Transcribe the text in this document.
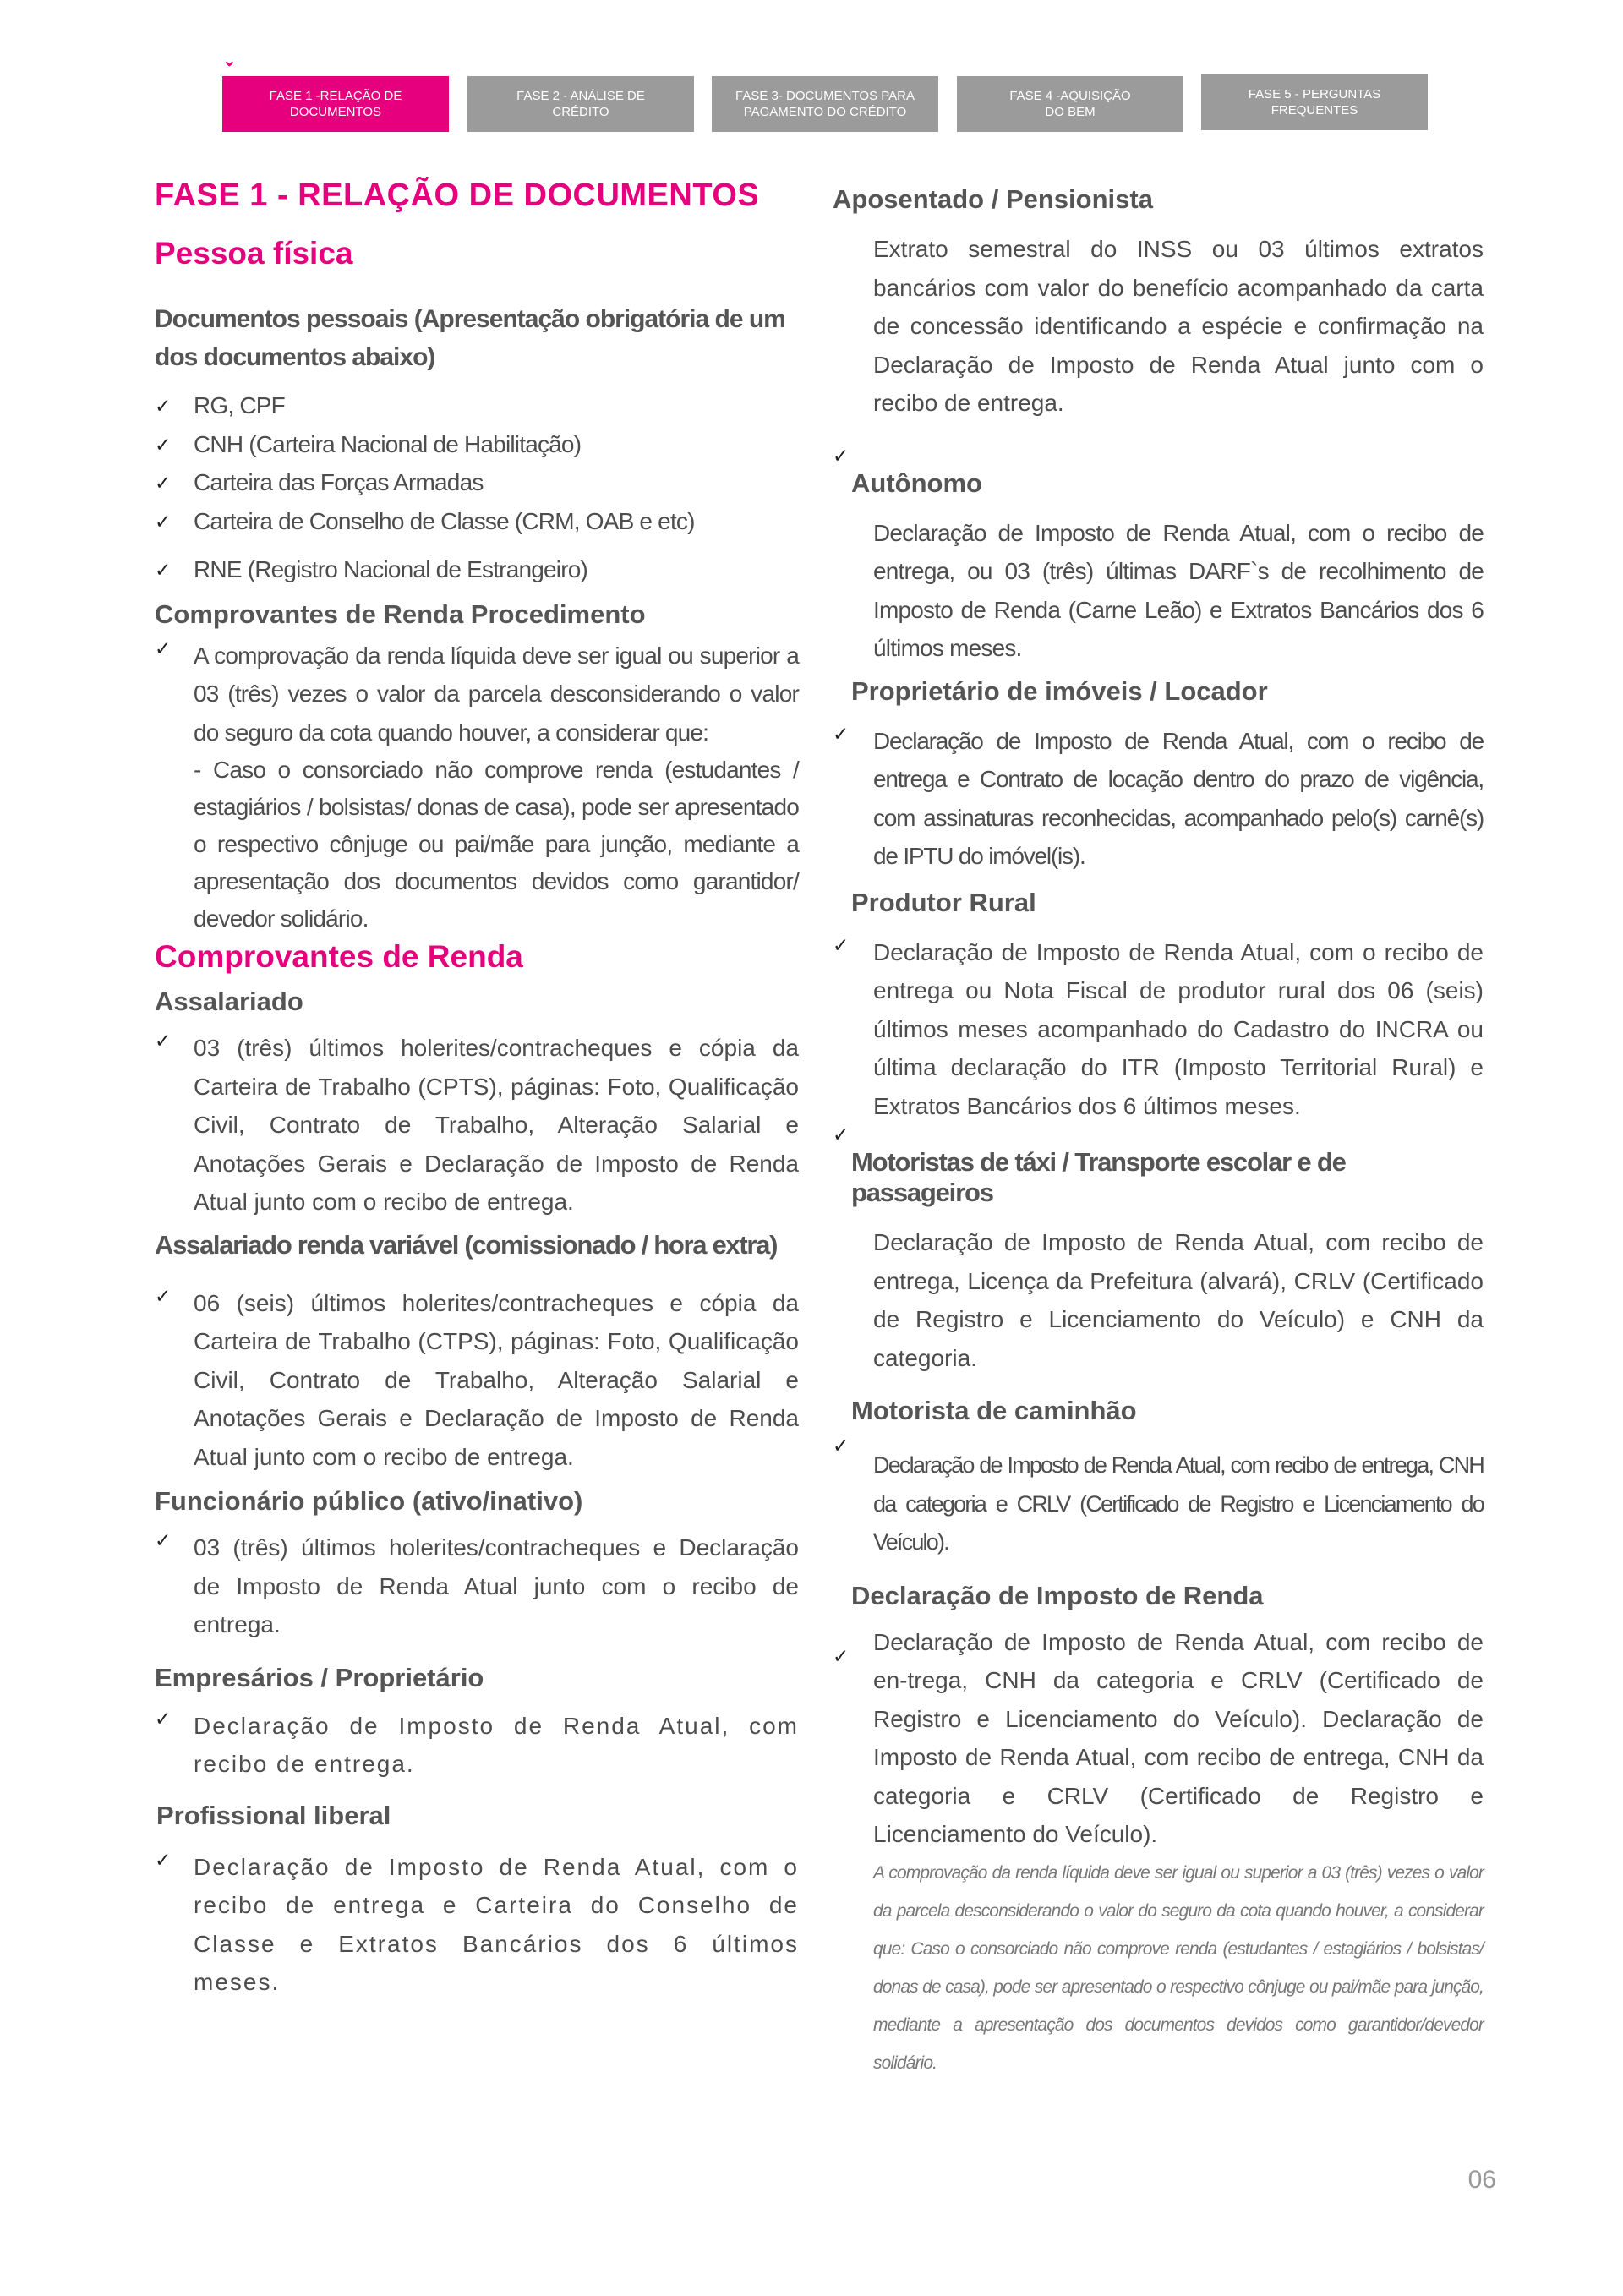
⌄
FASE 1 -RELAÇÃO DE
DOCUMENTOS
FASE 2 - ANÁLISE DE
CRÉDITO
FASE 3- DOCUMENTOS PARA
PAGAMENTO DO CRÉDITO
FASE 4 -AQUISIÇÃO
DO BEM
FASE 5 - PERGUNTAS
FREQUENTES
FASE 1 - RELAÇÃO DE DOCUMENTOS
Pessoa física

Documentos pessoais (Apresentação obrigatória de um dos documentos abaixo)

✓ RG, CPF
✓ CNH (Carteira Nacional de Habilitação)
✓ Carteira das Forças Armadas
✓ Carteira de Conselho de Classe (CRM, OAB e etc)
✓ RNE (Registro Nacional de Estrangeiro)

Comprovantes de Renda Procedimento

✓ A comprovação da renda líquida deve ser igual ou superior a 03 (três) vezes o valor da parcela desconsiderando o valor do seguro da cota quando houver, a considerar que:

- Caso o consorciado não comprove renda (estudantes / estagiários / bolsistas/ donas de casa), pode ser apresentado o respectivo cônjuge ou pai/mãe para junção, mediante a apresentação dos documentos devidos como garantidor/ devedor solidário.

Comprovantes de Renda

Assalariado

✓ 03 (três) últimos holerites/contracheques e cópia da Carteira de Trabalho (CPTS), páginas: Foto, Qualificação Civil, Contrato de Trabalho, Alteração Salarial e Anotações Gerais e Declaração de Imposto de Renda Atual junto com o recibo de entrega.

Assalariado renda variável (comissionado / hora extra)

✓ 06 (seis) últimos holerites/contracheques e cópia da Carteira de Trabalho (CTPS), páginas: Foto, Qualificação Civil, Contrato de Trabalho, Alteração Salarial e Anotações Gerais e Declaração de Imposto de Renda Atual junto com o recibo de entrega.

Funcionário público (ativo/inativo)

✓ 03 (três) últimos holerites/contracheques e Declaração de Imposto de Renda Atual junto com o recibo de entrega.

Empresários / Proprietário

✓ Declaração de Imposto de Renda Atual, com recibo de entrega.

Profissional liberal

✓ Declaração de Imposto de Renda Atual, com o recibo de entrega e Carteira do Conselho de Classe e Extratos Bancários dos 6 últimos meses.

Aposentado / Pensionista

Extrato semestral do INSS ou 03 últimos extratos bancários com valor do benefício acompanhado da carta de concessão identificando a espécie e confirmação na Declaração de Imposto de Renda Atual junto com o recibo de entrega.

✓

Autônomo

Declaração de Imposto de Renda Atual, com o recibo de entrega, ou 03 (três) últimas DARF`s de recolhimento de Imposto de Renda (Carne Leão) e Extratos Bancários dos 6 últimos meses.

Proprietário de imóveis / Locador

✓ Declaração de Imposto de Renda Atual, com o recibo de entrega e Contrato de locação dentro do prazo de vigência, com assinaturas reconhecidas, acompanhado pelo(s) carnê(s) de IPTU do imóvel(is).

Produtor Rural

✓ Declaração de Imposto de Renda Atual, com o recibo de entrega ou Nota Fiscal de produtor rural dos 06 (seis) últimos meses acompanhado do Cadastro do INCRA ou última declaração do ITR (Imposto Territorial Rural) e Extratos Bancários dos 6 últimos meses.

✓

Motoristas de táxi / Transporte escolar e de passageiros

Declaração de Imposto de Renda Atual, com recibo de entrega, Licença da Prefeitura (alvará), CRLV (Certificado de Registro e Licenciamento do Veículo) e CNH da categoria.

Motorista de caminhão

✓

Declaração de Imposto de Renda Atual, com recibo de entrega, CNH da categoria e CRLV (Certificado de Registro e Licenciamento do Veículo).

Declaração de Imposto de Renda

✓

Declaração de Imposto de Renda Atual, com recibo de en-trega, CNH da categoria e CRLV (Certificado de Registro e Licenciamento do Veículo). Declaração de Imposto de Renda Atual, com recibo de entrega, CNH da categoria e CRLV (Certificado de Registro e Licenciamento do Veículo).

A comprovação da renda líquida deve ser igual ou superior a 03 (três) vezes o valor da parcela desconsiderando o valor do seguro da cota quando houver, a considerar que: Caso o consorciado não comprove renda (estudantes / estagiários / bolsistas/ donas de casa), pode ser apresentado o respectivo cônjuge ou pai/mãe para junção, mediante a apresentação dos documentos devidos como garantidor/devedor solidário.

06
